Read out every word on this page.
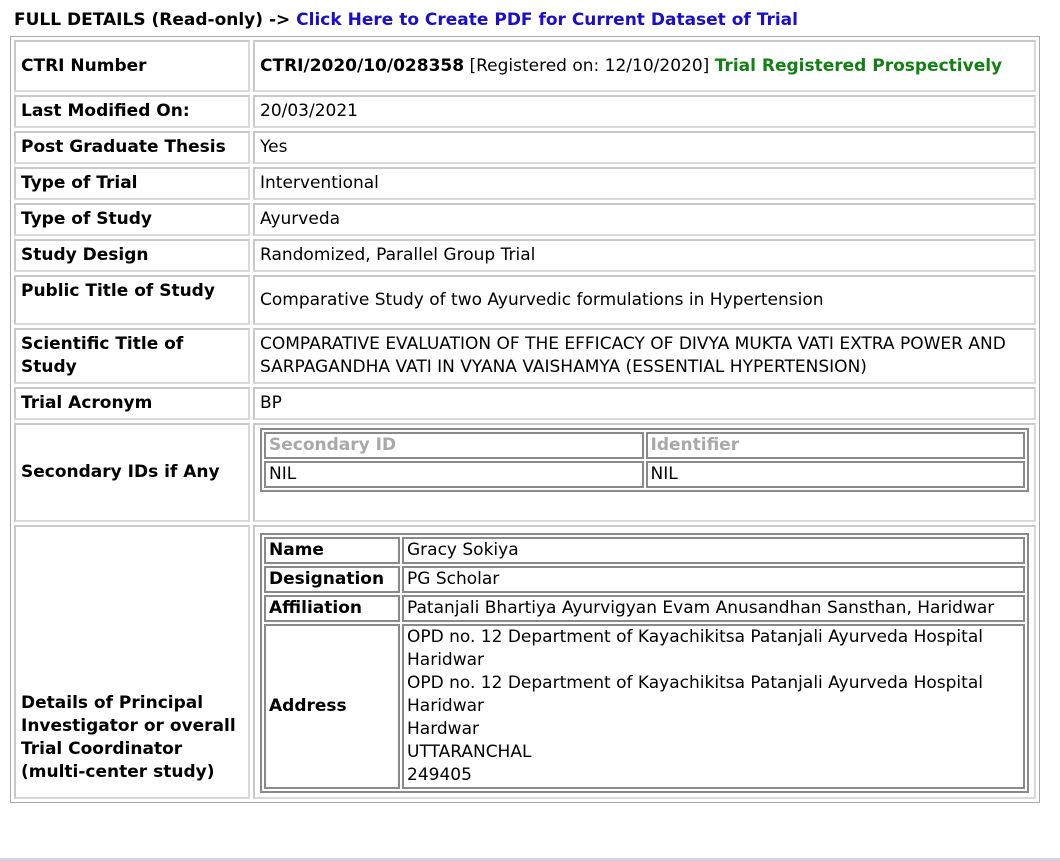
FULL DETAILS (Read-only) -> Click Here to Create PDF for Current Dataset of Trial
CTRI Number	CTRI/2020/10/028358 [Registered on: 12/10/2020] Trial Registered Prospectively
Last Modified On:	20/03/2021
Post Graduate Thesis	Yes
Type of Trial	Interventional
Type of Study	Ayurveda
Study Design	Randomized, Parallel Group Trial
Public Title of Study	Comparative Study of two Ayurvedic formulations in Hypertension
Scientific Title of Study	COMPARATIVE EVALUATION OF THE EFFICACY OF DIVYA MUKTA VATI EXTRA POWER AND SARPAGANDHA VATI IN VYANA VAISHAMYA (ESSENTIAL HYPERTENSION)
Trial Acronym	BP
Secondary IDs if Any	
Secondary ID	Identifier
NIL	NIL

Details of Principal Investigator or overall Trial Coordinator (multi-center study)	
Name	Gracy Sokiya
Designation	PG Scholar
Affiliation	Patanjali Bhartiya Ayurvigyan Evam Anusandhan Sansthan, Haridwar
Address	
OPD no. 12 Department of Kayachikitsa Patanjali Ayurveda Hospital Haridwar
OPD no. 12 Department of Kayachikitsa Patanjali Ayurveda Hospital Haridwar
Hardwar
UTTARANCHAL
249405
